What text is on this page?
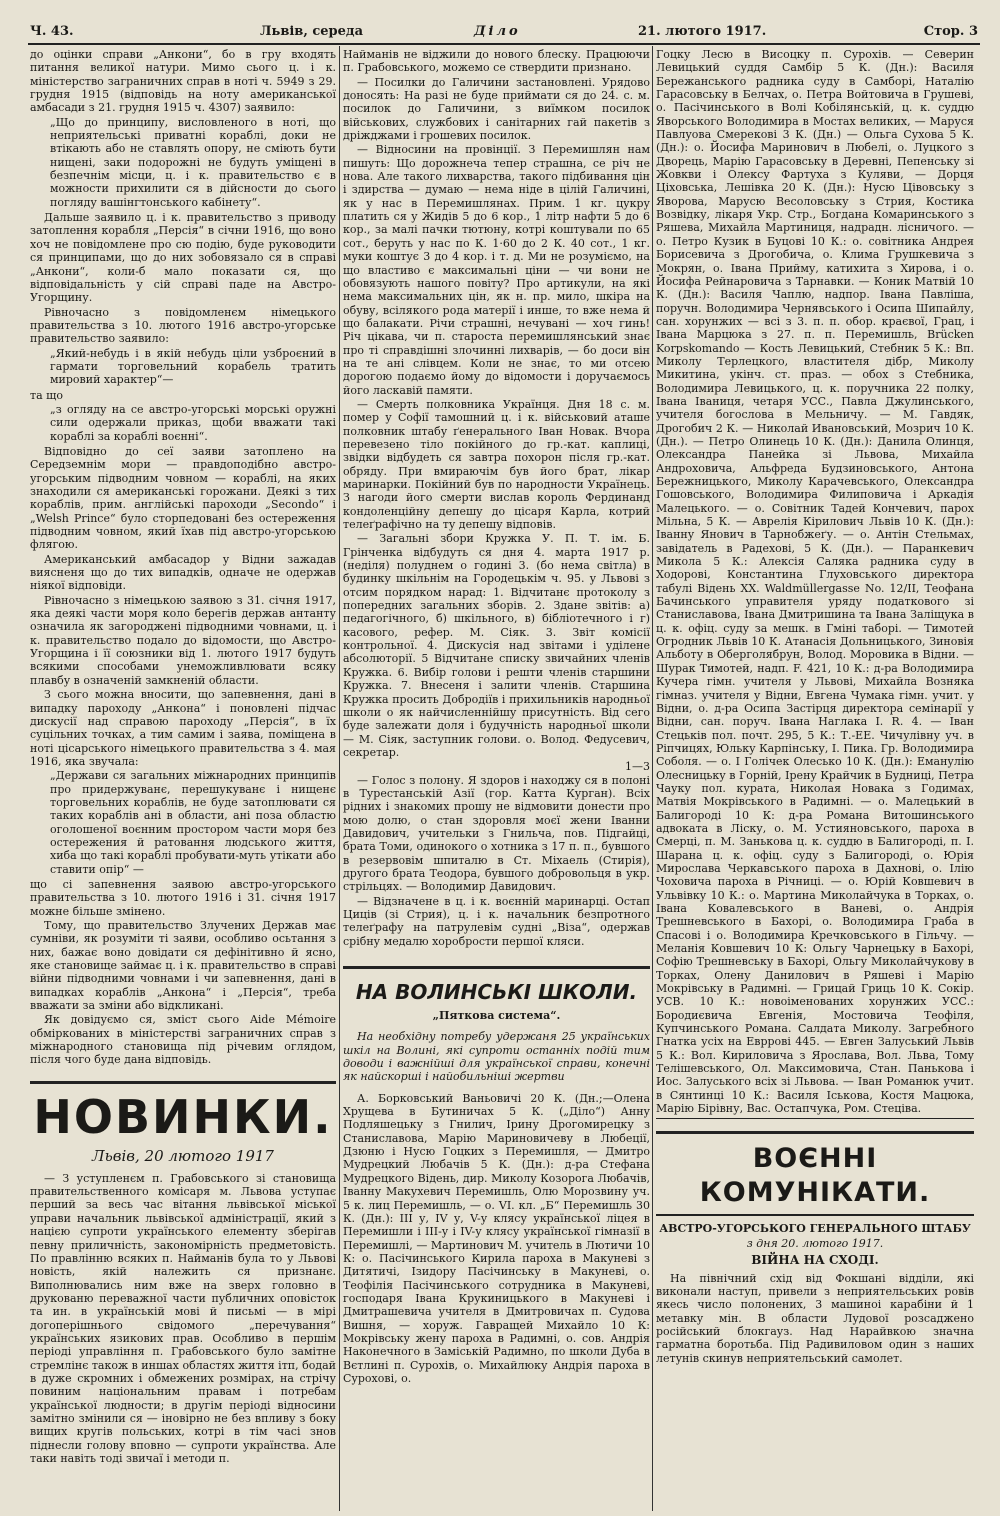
Ч. 43.	Львів, середа	Діло	21. лютого 1917.	Стор. 3

до оцінки справи „Анкони“, бо в гру входять питання великої натури. Мимо сього ц. і к. міністерство заграничних справ в ноті ч. 5949 з 29. грудня 1915 (відповідь на ноту американської амбасади з 21. грудня 1915 ч. 4307) заявило:

„Що до принципу, висловленого в ноті, що неприятельські приватні кораблі, доки не втікають або не ставлять опору, не сміють бути нищені, заки подорожні не будуть уміщені в безпечнім місци, ц. і к. правительство є в можности прихилити ся в дійсности до сього погляду вашінгтонського кабінету“.

Дальше заявило ц. і к. правительство з приводу затоплення корабля „Персія“ в січни 1916, що воно хоч не повідомлене про сю подію, буде руководити ся принципами, що до них зобовязало ся в справі „Анкони“, коли-б мало показати ся, що відповідальність у сій справі паде на Австро-Угорщину.

Рівночасно з повідомленєм німецького правительства з 10. лютого 1916 австро-угорське правительство заявило:

„Який-небудь і в якій небудь ціли узброєний в гармати торговельний корабель тратить мировий характер“—

та що

„з огляду на се австро-угорські морські оружні сили одержали приказ, щоби вважати такі кораблі за кораблі воєнні“.

Відповідно до сеї заяви затоплено на Середземнім мори — правдоподібно австро-угорським підводним човном — кораблі, на яких знаходили ся американські горожани. Деякі з тих кораблів, прим. англійські пароходи „Secondo“ і „Welsh Prince“ було сторпедовані без остереження підводним човном, який їхав під австро-угорською флягою.

Американський амбасадор у Відни зажадав виясненя що до тих випадків, одначе не одержав ніякої відповіди.

Рівночасно з німецькою заявою з 31. січня 1917, яка деякі части моря коло берегів держав антанту означила як загороджені підводними човнами, ц. і к. правительство подало до відомости, що Австро-Угорщина і її союзники від 1. лютого 1917 будуть всякими способами унеможливлювати всяку плавбу в означеній замкненій области.

З сього можна вносити, що запевнення, дані в випадку пароходу „Анкона“ і поновлені підчас дискусії над справою пароходу „Персія“, в їх суцільних точках, а тим самим і заява, поміщена в ноті цісарського німецького правительства з 4. мая 1916, яка звучала:

„Держави ся загальних міжнародних принципів про придержуванє, перешукуванє і нищенє торговельних кораблів, не буде затоплювати ся таких кораблів ані в области, ані поза областю оголошеної воєнним простором части моря без остережения й ратовання людського життя, хиба що такі кораблі пробувати-муть утікати або ставити опір“ —

що сі запевнення заявою австро-угорського правительства з 10. лютого 1916 і 31. січня 1917 можне більше змінено.

Тому, що правительство Злучених Держав має сумніви, як розуміти ті заяви, особливо осьтання з них, бажає воно довідати ся дефінітивно й ясно, яке становище займає ц. і к. правительство в справі війни підводними човнами і чи запевнення, дані в випадках кораблів „Анкона“ і „Персія“, треба вважати за зміни або відкликані.

Як довідуємо ся, зміст сього Aide Mémoire обміркованих в міністерстві заграничних справ з міжнародного становища під річевим оглядом, після чого буде дана відповідь.

НОВИНКИ.
Львів, 20 лютого 1917

— З уступленєм п. Грабовського зі становища правительственного комісаря м. Львова уступає перший за весь час вітання львівської міської управи начальник львівської адміністрації, який з нацією супроти українського елементу зберігав певну приличність, закономірність предметовість. По правлінню всяких п. Найманів була то у Львові новість, якій належить ся признанє. Виполнювались ним вже на зверх головно в друкованю переважної части публичних оповісток та ин. в українській мові й письмі — в мірі догоперішнього свідомого „перечування“ українських язикових прав. Особливо в першім періоді управління п. Грабовського було замітне стремлінє також в иншах областях життя ітп, бодай в дуже скромних і обмежених розмірах, на стрічу повиним національним правам і потребам української людности; в другім періоді відносини замітно змінили ся — іновірно не без впливу з боку вищих кругів польських, котрі в тім часі знов піднесли голову вповно — супроти українства. Але таки навіть тоді звичаї і методи п.

Найманів не віджили до нового блеску. Працюючи п. Грабовського, можемо се ствердити признано.

— Посилки до Галичини застановлені. Урядово доносять: На разі не буде приймати ся до 24. с. м. посилок до Галичини, з виїмком посилок військових, службових і санітарних гай пакетів з дріжджами і грошевих посилок.

— Відносини на провінції. З Перемишлян нам пишуть: Що дорожнеча тепер страшна, се річ не нова. Але такого лихварства, такого підбивання цін і здирства — думаю — нема ніде в цілій Галичині, як у нас в Перемишлянах. Прим. 1 кг. цукру платить ся у Жидів 5 до 6 кор., 1 літр нафти 5 до 6 кор., за малі пачки тютюну, котрі коштували по 65 сот., беруть у нас по К. 1·60 до 2 К. 40 сот., 1 кг. муки коштує 3 до 4 кор. і т. д. Ми не розуміємо, на що властиво є максимальні ціни — чи вони не обовязують нашого повіту? Про артикули, на які нема максимальних цін, як н. пр. мило, шкіра на обуву, всілякого рода матерії і инше, то вже нема й що балакати. Річи страшні, нечувані — хоч гинь! Річ цікава, чи п. староста перемишлянський знає про ті справдішні злочинні лихварів, — бо доси він на те ані слівцем. Коли не знає, то ми отсею дорогою подаємо йому до відомости і доручаємось його ласкавій памяти.

— Смерть полковника Українця. Дня 18 с. м. помер у Софії тамошний ц. і к. військовий аташе полковник штабу ґенерального Іван Новак. Вчора перевезено тіло покійного до гр.-кат. каплиці, звідки відбудеть ся завтра похорон після гр.-кат. обряду. При вмираючім був його брат, лікар маринарки. Покійний був по народности Українець. З нагоди його смерти вислав король Фердинанд кондоленційну депешу до цісаря Карла, котрий телеґрафічно на ту депешу відповів.

— Загальні збори Кружка У. П. Т. ім. Б. Грінченка відбудуть ся дня 4. марта 1917 р. (неділя) полуднем о годині 3. (бо нема світла) в будинку шкільнім на Городецькім ч. 95. у Львові з отсим порядком нарад: 1. Відчитанє протоколу з попередних загальних зборів. 2. Здане звітів: а) педагогічного, б) шкільного, в) бібліотечного і г) касового, рефер. М. Сіяк. 3. Звіт комісії контрольної. 4. Дискусія над звітами і уділене абсолюторії. 5 Відчитане списку звичайних членів Кружка. 6. Вибір голови і решти членів старшини Кружка. 7. Внесеня і залити членів. Старшина Кружка просить Добродіїв і прихильників народньої школи о як найчисленнійшу присутність. Від сего буде залежати доля і будучність народньої школи — М. Сіяк, заступник голови. о. Волод. Федусевич, секретар.

1—3

— Голос з полону. Я здоров і находжу ся в полоні в Турестанській Азії (гор. Катта Курган). Всіх рідних і знакомих прошу не відмовити донести про мою долю, о стан здоровля моєї жени Іванни Давидович, учительки з Гнильча, пов. Підгайці, брата Томи, одинокого о хотника з 17 п. п., бувшого в резервовім шпиталю в Ст. Міхаель (Стирія), другого брата Теодора, бувшого добровольця в укр. стрільцях. — Володимир Давидович.

— Відзначене в ц. і к. воєнній маринарці. Остап Циців (зі Стрия), ц. і к. начальник безпротного телеґрафу на патрулевім судні „Віза“, одержав срібну медалю хоробрости першої кляси.

НА ВОЛИНСЬКІ ШКОЛИ.
„Пяткова система“.

На необхідну потребу удержаня 25 українських шкіл на Волині, які супроти останніх подій тим доводи і важнійші для української справи, конечні як найскорші і найобильніші жертви

А. Борковський Ваньовичі 20 К. (Дн.;—Олена Хрущева в Бутиничах 5 К. („Діло“) Анну Подляшецьку з Гнилич, Ірину Дрогомирецку з Станиславова, Марію Мариновичеву в Любеції, Дзюню і Нусю Гоцких з Перемишля, — Дмитро Мудрецкий Любачів 5 К. (Дн.): д-ра Стефана Мудрецкого Відень, дир. Миколу Козорога Любачів, Іванну Макухевич Перемишль, Олю Морозвину уч. 5 к. лиц Перемишль, — о. VI. кл. „Б“ Перемишль 30 К. (Дн.): ІІІ у, IV у, V-у клясу української ліцея в Перемишли і ІІІ-у і IV-у клясу української гімназії в Перемишлі, — Мартинович М. учитель в Лютичи 10 К: о. Пасічинського Кирила пароха в Макуневі з Дитятичі, Ізидору Пасічинську в Макуневі, о. Теофілія Пасічинського сотрудника в Макуневі, господаря Івана Крукиницького в Макуневі і Дмитрашевича учителя в Дмитровичах п. Судова Вишня, — хоруж. Гавращей Михайло 10 К: Мокрівську жену пароха в Радимні, о. сов. Андрія Наконечного в Заміській Радимно, по школи Дуба в Вєтлині п. Сурохів, о. Михайлюку Андрія пароха в Сурохові, о.

Гоцку Лесю в Висоцку п. Сурохів. — Северин Левицький суддя Самбір 5 К. (Дн.): Василя Бережанського радника суду в Самборі, Наталію Гарасовську в Белчах, о. Петра Войтовича в Грушеві, о. Пасічинського в Волі Кобілянській, ц. к. суддю Яворського Володимира в Мостах великих, — Маруся Павлуова Смерекові 3 К. (Дн.) — Ольга Сухова 5 К. (Дн.): о. Йосифа Маринович в Любелі, о. Луцкого з Дворець, Марію Гарасовську в Деревні, Пепенську зі Жовкви і Олексу Фартуха з Куляви, — Дорця Ціховська, Лешівка 20 К. (Дн.): Нусю Цівовську з Яворова, Марусю Весоловську з Стрия, Костика Возвідку, лікаря Укр. Стр., Богдана Комаринського з Ряшева, Михайла Мартиниця, надрадн. лісничого. — о. Петро Кузик в Буцові 10 К.: о. совітника Андрея Борисевича з Дрогобича, о. Клима Грушкевича з Мокрян, о. Івана Прийму, катихита з Хирова, і о. Йосифа Рейнаровича з Тарнавки. — Коник Матвій 10 К. (Дн.): Василя Чаплю, надпор. Івана Павліша, поручн. Володимира Чернявського і Осипа Шипайлу, сан. хорунжих — всі з 3. п. п. обор. краєвої, Грац, і Івана Марцюка з 27. п. п. Перемишль, Brücken Korpskomando — Кость Левицький, Стебник 5 К.: Вп. Миколу Терлецкого, властителя дібр, Миколу Микитина, укінч. ст. праз. — обох з Стебника, Володимира Левицького, ц. к. поручника 22 полку, Івана Іваниця, четаря УСС., Павла Джулинського, учителя богослова в Мельничу. — М. Гавдяк, Дрогобич 2 К. — Николай Ивановський, Мозрич 10 К. (Дн.). — Петро Олинець 10 К. (Дн.): Данила Олинця, Олександра Панейка зі Львова, Михайла Андроховича, Альфреда Будзиновського, Антона Бережницького, Миколу Карачевського, Олександра Гошовського, Володимира Филиповича і Аркадія Малецького. — о. Совітник Тадей Кончевич, парох Мільна, 5 К. — Аврелія Кірилович Львів 10 К. (Дн.): Іванну Янович в Тарнобжеґу. — о. Антін Стельмах, завідатель в Радехові, 5 К. (Дн.). — Паранкевич Микола 5 К.: Алексія Саляка радника суду в Ходорові, Константина Глуховського директора табулі Відень XX. Waldmüllergasse No. 12/II, Теофана Бачинського управителя уряду податкового зі Станиславова, Івана Дмитришина та Івана Заліщука в ц. к. офіц. суду за мешк. в Гміні таборі. — Тимотей Огродник Львів 10 К. Атанасія Дольницького, Зиновія Альботу в Оберголябрун, Волод. Моровика в Відни. — Шурак Тимотей, надп. F. 421, 10 К.: д-ра Володимира Кучера гімн. учителя у Львові, Михайла Возняка гімназ. учителя у Відни, Евгена Чумака гімн. учит. у Відни, о. д-ра Осипа Застірця директора семінарії у Відни, сан. поруч. Івана Наглака I. R. 4. — Іван Стецьків пол. почт. 295, 5 К.: Т.-ЕЕ. Чичулівну уч. в Ріпчицях, Юльку Карпінську, І. Пика. Гр. Володимира Соболя. — о. І Голічек Олесько 10 К. (Дн.): Еманулію Олесницьку в Горній, Ірену Крайчик в Будниці, Петра Чауку пол. курата, Николая Новака з Годимах, Матвія Мокрівського в Радимні. — о. Малецький в Балигороді 10 К: д-ра Романа Витошинського адвоката в Ліску, о. М. Устияновського, пароха в Смерці, п. М. Занькова ц. к. суддю в Балигороді, п. І. Шарана ц. к. офіц. суду з Балигороді, о. Юрія Мирослава Черкавського пароха в Дахнові, о. Ілію Чоховича пароха в Річниці. — о. Юрій Ковшевич в Ульвівку 10 К.: о. Мартина Миколайчука в Торках, о. Івана Ковалевського в Ваневі, о. Андрія Трешневського в Бахорі, о. Володимира Граба в Спасові і о. Володимира Кречковського в Гільчу. — Меланія Ковшевич 10 К: Ольгу Чарнецьку в Бахорі, Софію Трешневську в Бахорі, Ольгу Миколайчукову в Торках, Олену Данилович в Ряшеві і Марію Мокрівську в Радимні. — Грицай Гриць 10 К. Сокір. УСВ. 10 К.: новоіменованих хорунжих УСС.: Бородиєвича Евгенія, Мостовича Теофіля, Купчинського Романа. Салдата Миколу. Загребного Гнатка усіх на Евррові 445. — Евген Залуський Львів 5 К.: Вол. Кириловича з Ярослава, Вол. Льва, Тому Телішевського, Ол. Максимовича, Стан. Панькова і Иос. Залуського всіх зі Львова. — Іван Романюк учит. в Сянтинці 10 К.: Василя Іськова, Костя Мацюка, Марію Бірівну, Вас. Остапчука, Ром. Стеціва.

ВОЄННІ КОМУНІКАТИ.
АВСТРО-УГОРСЬКОГО ГЕНЕРАЛЬНОГО ШТАБУ
з дня 20. лютого 1917.
ВІЙНА НА СХОДІ.

На північний схід від Фокшані відділи, які виконали наступ, привели з неприятельських ровів якесь число полонених, 3 машиноі карабіни й 1 метавку мін. В области Лудової розсаджено російський блокгауз. Над Нарайвкою значна гарматна боротьба. Під Радивиловом один з наших летунів скинув неприятельський самолет.
